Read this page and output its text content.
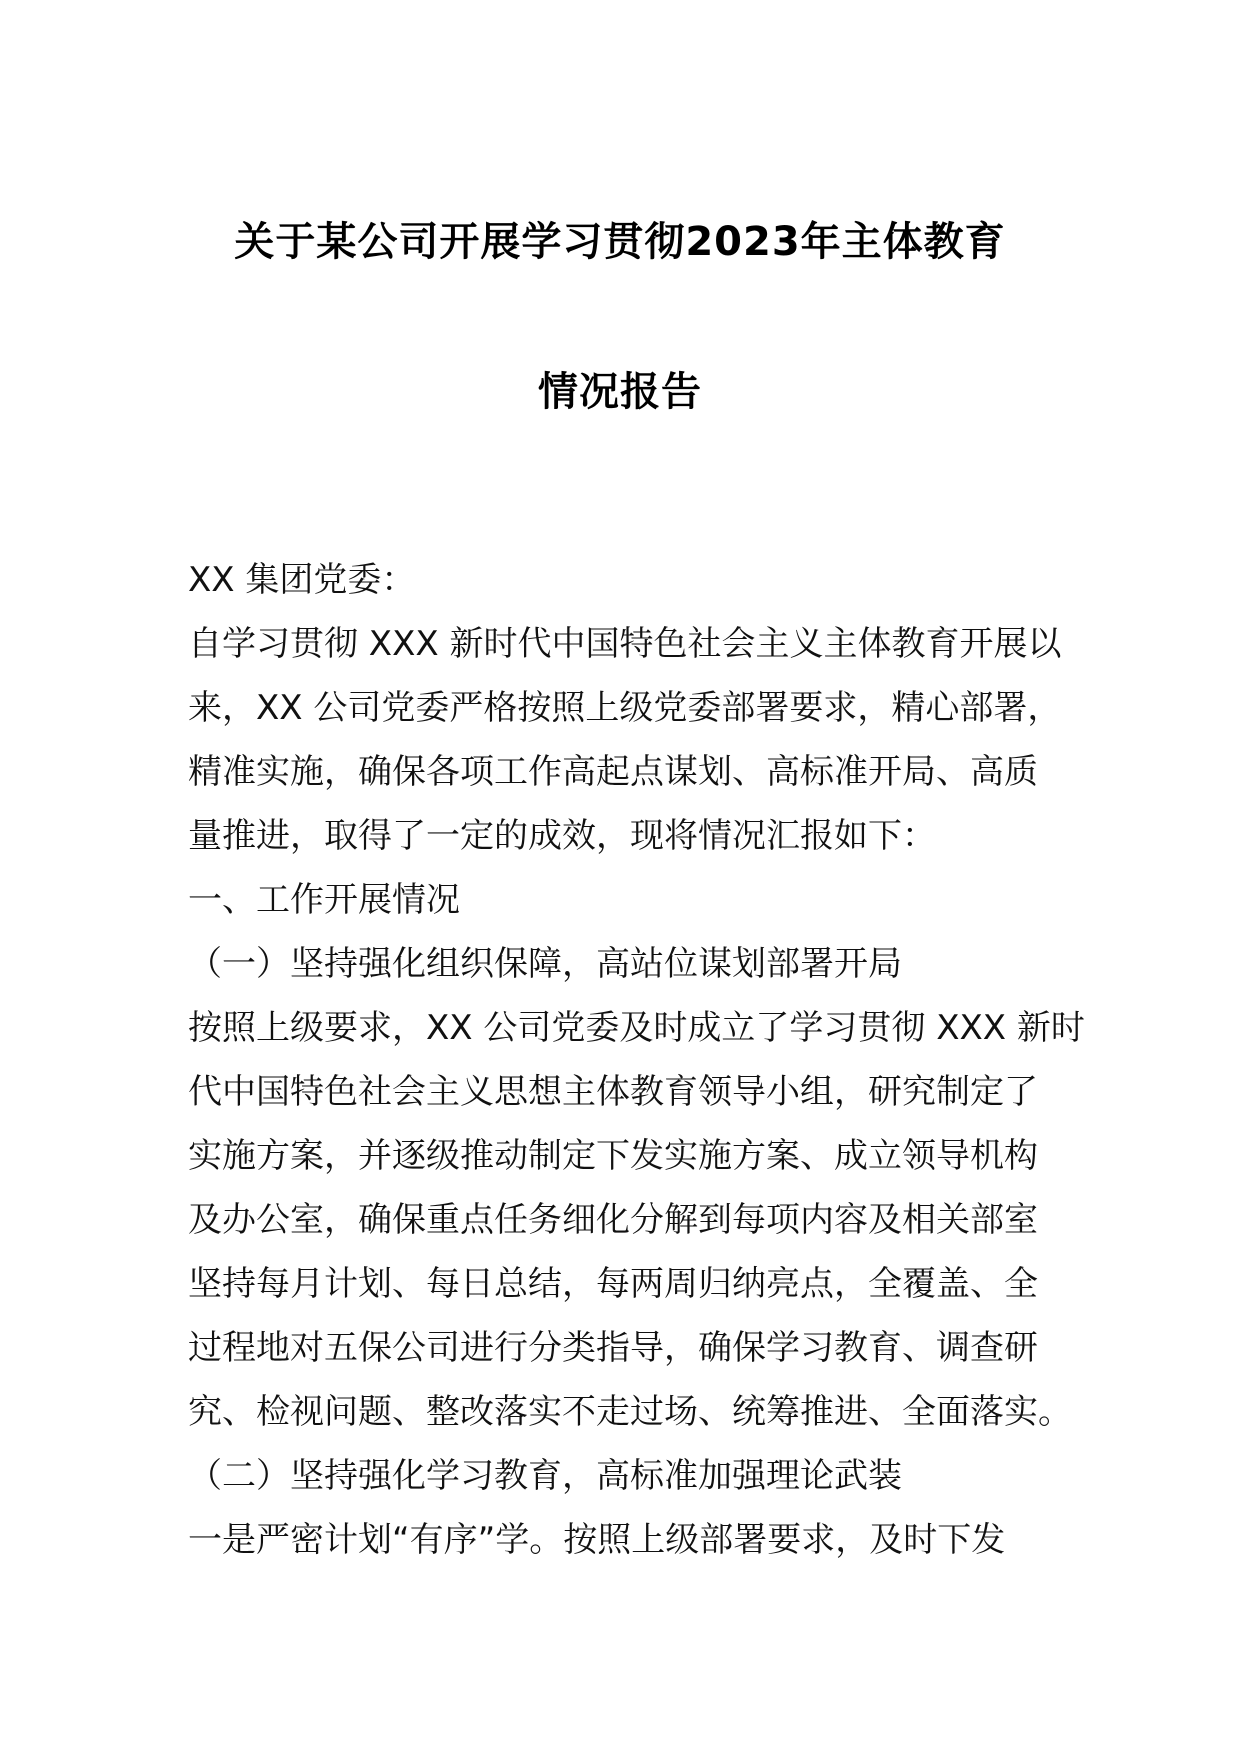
关于某公司开展学习贯彻2023年主体教育
情况报告
XX 集团党委：
自学习贯彻 XXX 新时代中国特色社会主义主体教育开展以
来，XX 公司党委严格按照上级党委部署要求，精心部署，
精准实施，确保各项工作高起点谋划、高标准开局、高质
量推进，取得了一定的成效，现将情况汇报如下：
一、工作开展情况
（一）坚持强化组织保障，高站位谋划部署开局
按照上级要求，XX 公司党委及时成立了学习贯彻 XXX 新时
代中国特色社会主义思想主体教育领导小组，研究制定了
实施方案，并逐级推动制定下发实施方案、成立领导机构
及办公室，确保重点任务细化分解到每项内容及相关部室
坚持每月计划、每日总结，每两周归纳亮点，全覆盖、全
过程地对五保公司进行分类指导，确保学习教育、调查研
究、检视问题、整改落实不走过场、统筹推进、全面落实。
（二）坚持强化学习教育，高标准加强理论武装
一是严密计划“有序”学。按照上级部署要求，及时下发
